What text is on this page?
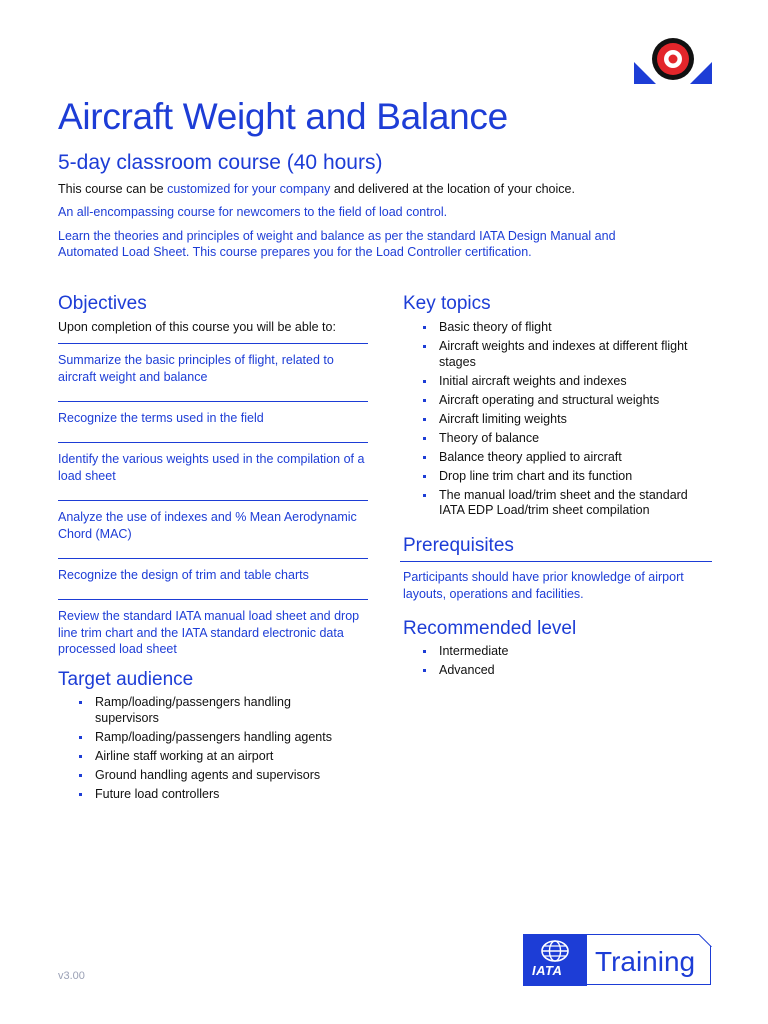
Aircraft Weight and Balance
5-day classroom course (40 hours)

This course can be customized for your company and delivered at the location of your choice.

An all-encompassing course for newcomers to the field of load control.

Learn the theories and principles of weight and balance as per the standard IATA Design Manual and Automated Load Sheet. This course prepares you for the Load Controller certification.

Objectives

Upon completion of this course you will be able to:

Summarize the basic principles of flight, related to aircraft weight and balance
Recognize the terms used in the field
Identify the various weights used in the compilation of a load sheet
Analyze the use of indexes and % Mean Aerodynamic Chord (MAC)
Recognize the design of trim and table charts
Review the standard IATA manual load sheet and drop line trim chart and the IATA standard electronic data processed load sheet
Target audience
Ramp/loading/passengers handling supervisors
Ramp/loading/passengers handling agents
Airline staff working at an airport
Ground handling agents and supervisors
Future load controllers
Key topics
Basic theory of flight
Aircraft weights and indexes at different flight stages
Initial aircraft weights and indexes
Aircraft operating and structural weights
Aircraft limiting weights
Theory of balance
Balance theory applied to aircraft
Drop line trim chart and its function
The manual load/trim sheet and the standard IATA EDP Load/trim sheet compilation
Prerequisites

Participants should have prior knowledge of airport layouts, operations and facilities.

Recommended level
Intermediate
Advanced

v3.00	IATA Training
